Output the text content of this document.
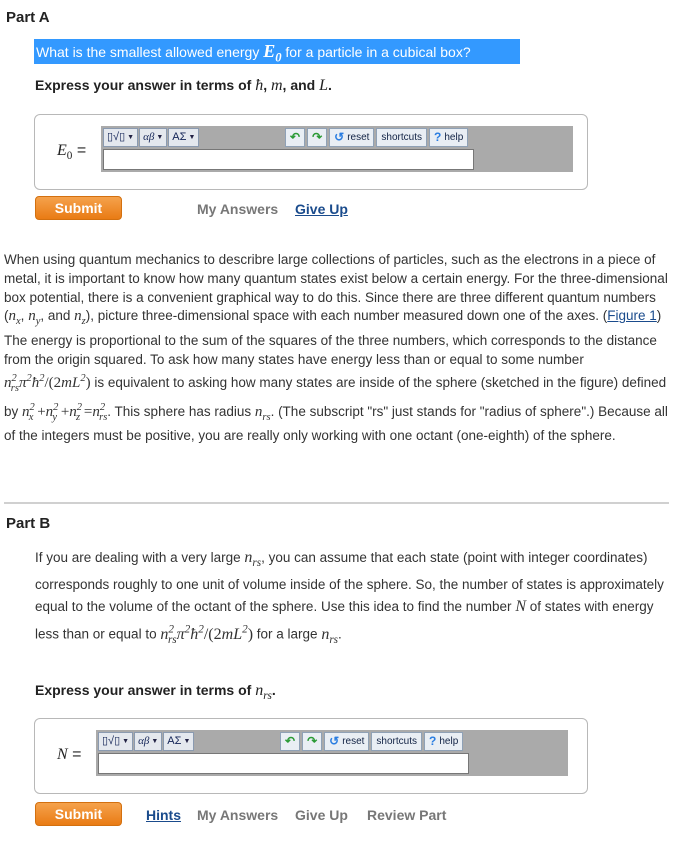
Part A
What is the smallest allowed energy $E_0$ for a particle in a cubical box?
Express your answer in terms of ħ, m, and L.
$E_0$ =
▯√▯ ▼ αβ ▼ ΑΣ ▼	↶ ↷ ↺ reset shortcuts ? help
Submit	My Answers Give Up
When using quantum mechanics to describre large collections of particles, such as the electrons in a piece of metal, it is important to know how many quantum states exist below a certain energy. For the three-dimensional box potential, there is a convenient graphical way to do this. Since there are three different quantum numbers ($n_x$, $n_y$, and $n_z$), picture three-dimensional space with each number measured down one of the axes. (Figure 1) The energy is proportional to the sum of the squares of the three numbers, which corresponds to the distance from the origin squared. To ask how many states have energy less than or equal to some number $n^2_{rs}\pi^2ħ^2/(2mL^2)$ is equivalent to asking how many states are inside of the sphere (sketched in the figure) defined by $n^2_x +n^2_y +n^2_z =n^2_{rs}$. This sphere has radius $n_{rs}$. (The subscript "rs" just stands for "radius of sphere".) Because all of the integers must be positive, you are really only working with one octant (one-eighth) of the sphere.
Part B
If you are dealing with a very large $n_{rs}$, you can assume that each state (point with integer coordinates) corresponds roughly to one unit of volume inside of the sphere. So, the number of states is approximately equal to the volume of the octant of the sphere. Use this idea to find the number N of states with energy less than or equal to $n^2_{rs}\pi^2ħ^2/(2mL^2)$ for a large $n_{rs}$.
Express your answer in terms of $n_{rs}$.
N =
▯√▯ ▼ αβ ▼ ΑΣ ▼	↶ ↷ ↺ reset shortcuts ? help
Submit	Hints My Answers Give Up Review Part
